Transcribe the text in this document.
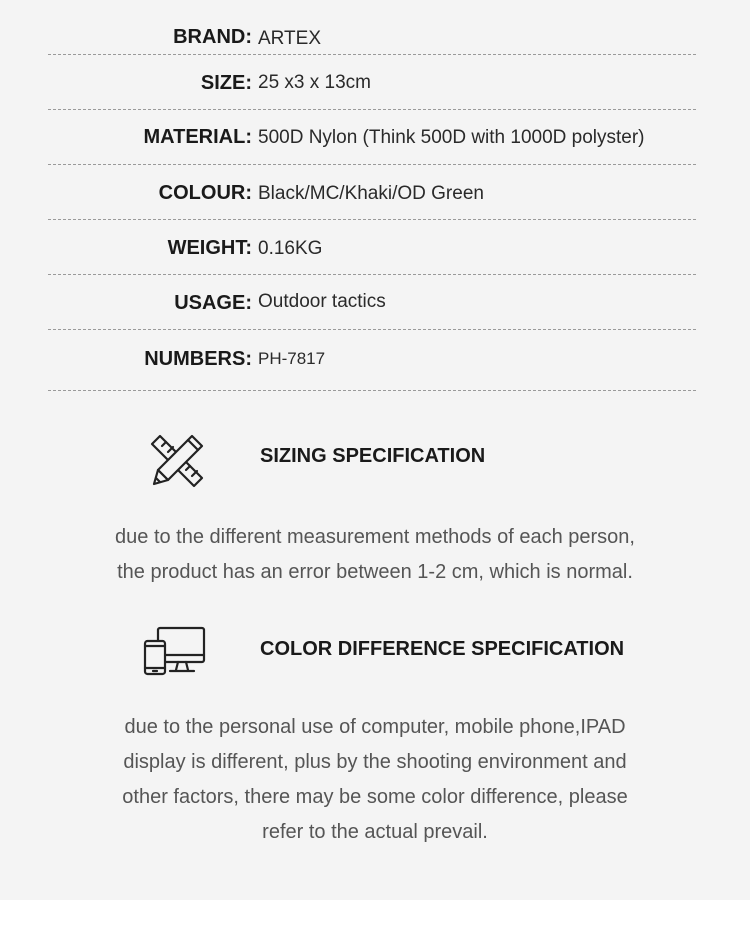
BRAND: ARTEX
SIZE: 25 x3 x 13cm
MATERIAL: 500D Nylon (Think 500D with 1000D polyster)
COLOUR: Black/MC/Khaki/OD Green
WEIGHT: 0.16KG
USAGE: Outdoor tactics
NUMBERS: PH-7817
SIZING SPECIFICATION

due to the different measurement methods of each person,

the product has an error between 1-2 cm, which is normal.

COLOR DIFFERENCE SPECIFICATION

due to the personal use of computer, mobile phone,IPAD

display is different, plus by the shooting environment and

other factors, there may be some color difference, please

refer to the actual prevail.
